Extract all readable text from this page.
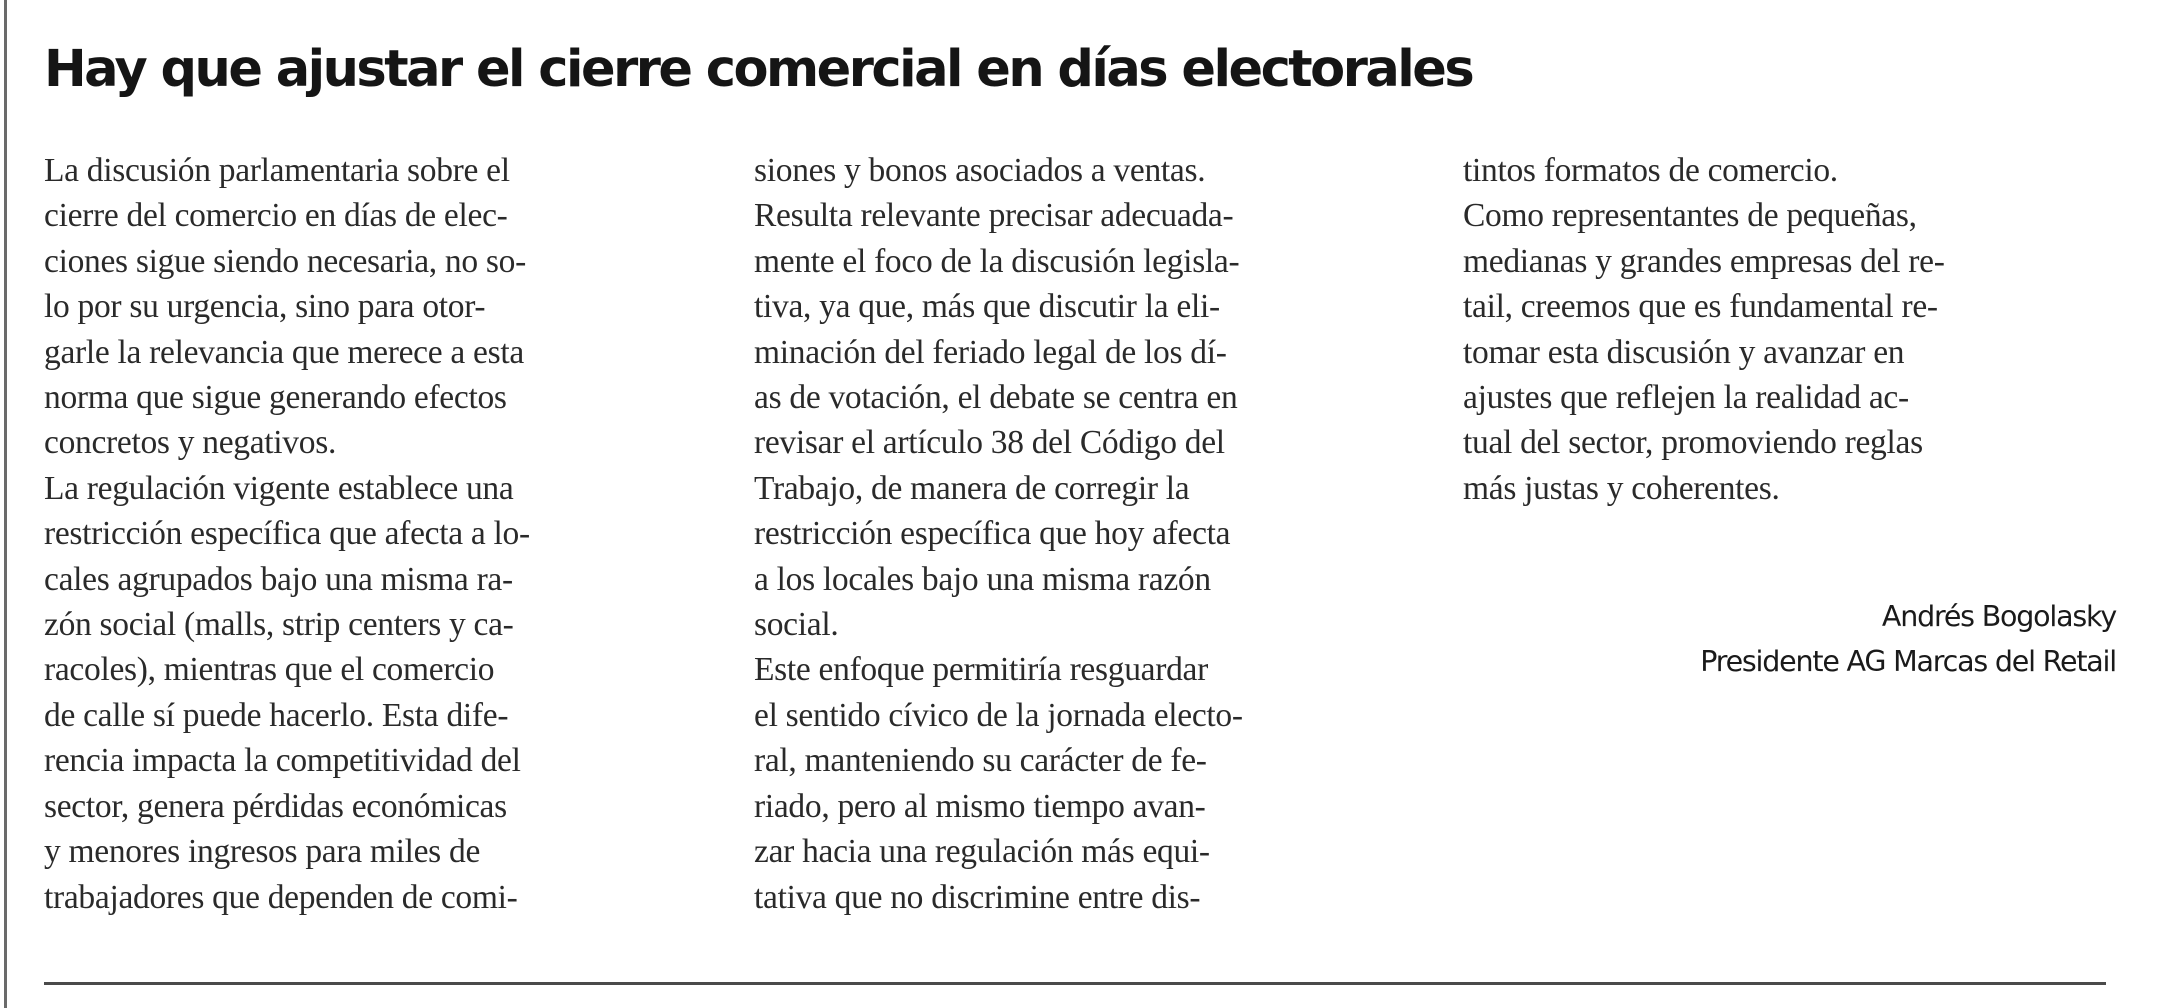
Hay que ajustar el cierre comercial en días electorales

La discusión parlamentaria sobre el
cierre del comercio en días de elec-
ciones sigue siendo necesaria, no so-
lo por su urgencia, sino para otor-
garle la relevancia que merece a esta
norma que sigue generando efectos
concretos y negativos.

La regulación vigente establece una
restricción específica que afecta a lo-
cales agrupados bajo una misma ra-
zón social (malls, strip centers y ca-
racoles), mientras que el comercio
de calle sí puede hacerlo. Esta dife-
rencia impacta la competitividad del
sector, genera pérdidas económicas
y menores ingresos para miles de
trabajadores que dependen de comi-

siones y bonos asociados a ventas.

Resulta relevante precisar adecuada-
mente el foco de la discusión legisla-
tiva, ya que, más que discutir la eli-
minación del feriado legal de los dí-
as de votación, el debate se centra en
revisar el artículo 38 del Código del
Trabajo, de manera de corregir la
restricción específica que hoy afecta
a los locales bajo una misma razón
social.

Este enfoque permitiría resguardar
el sentido cívico de la jornada electo-
ral, manteniendo su carácter de fe-
riado, pero al mismo tiempo avan-
zar hacia una regulación más equi-
tativa que no discrimine entre dis-

tintos formatos de comercio.

Como representantes de pequeñas,
medianas y grandes empresas del re-
tail, creemos que es fundamental re-
tomar esta discusión y avanzar en
ajustes que reflejen la realidad ac-
tual del sector, promoviendo reglas
más justas y coherentes.

Andrés Bogolasky
Presidente AG Marcas del Retail
